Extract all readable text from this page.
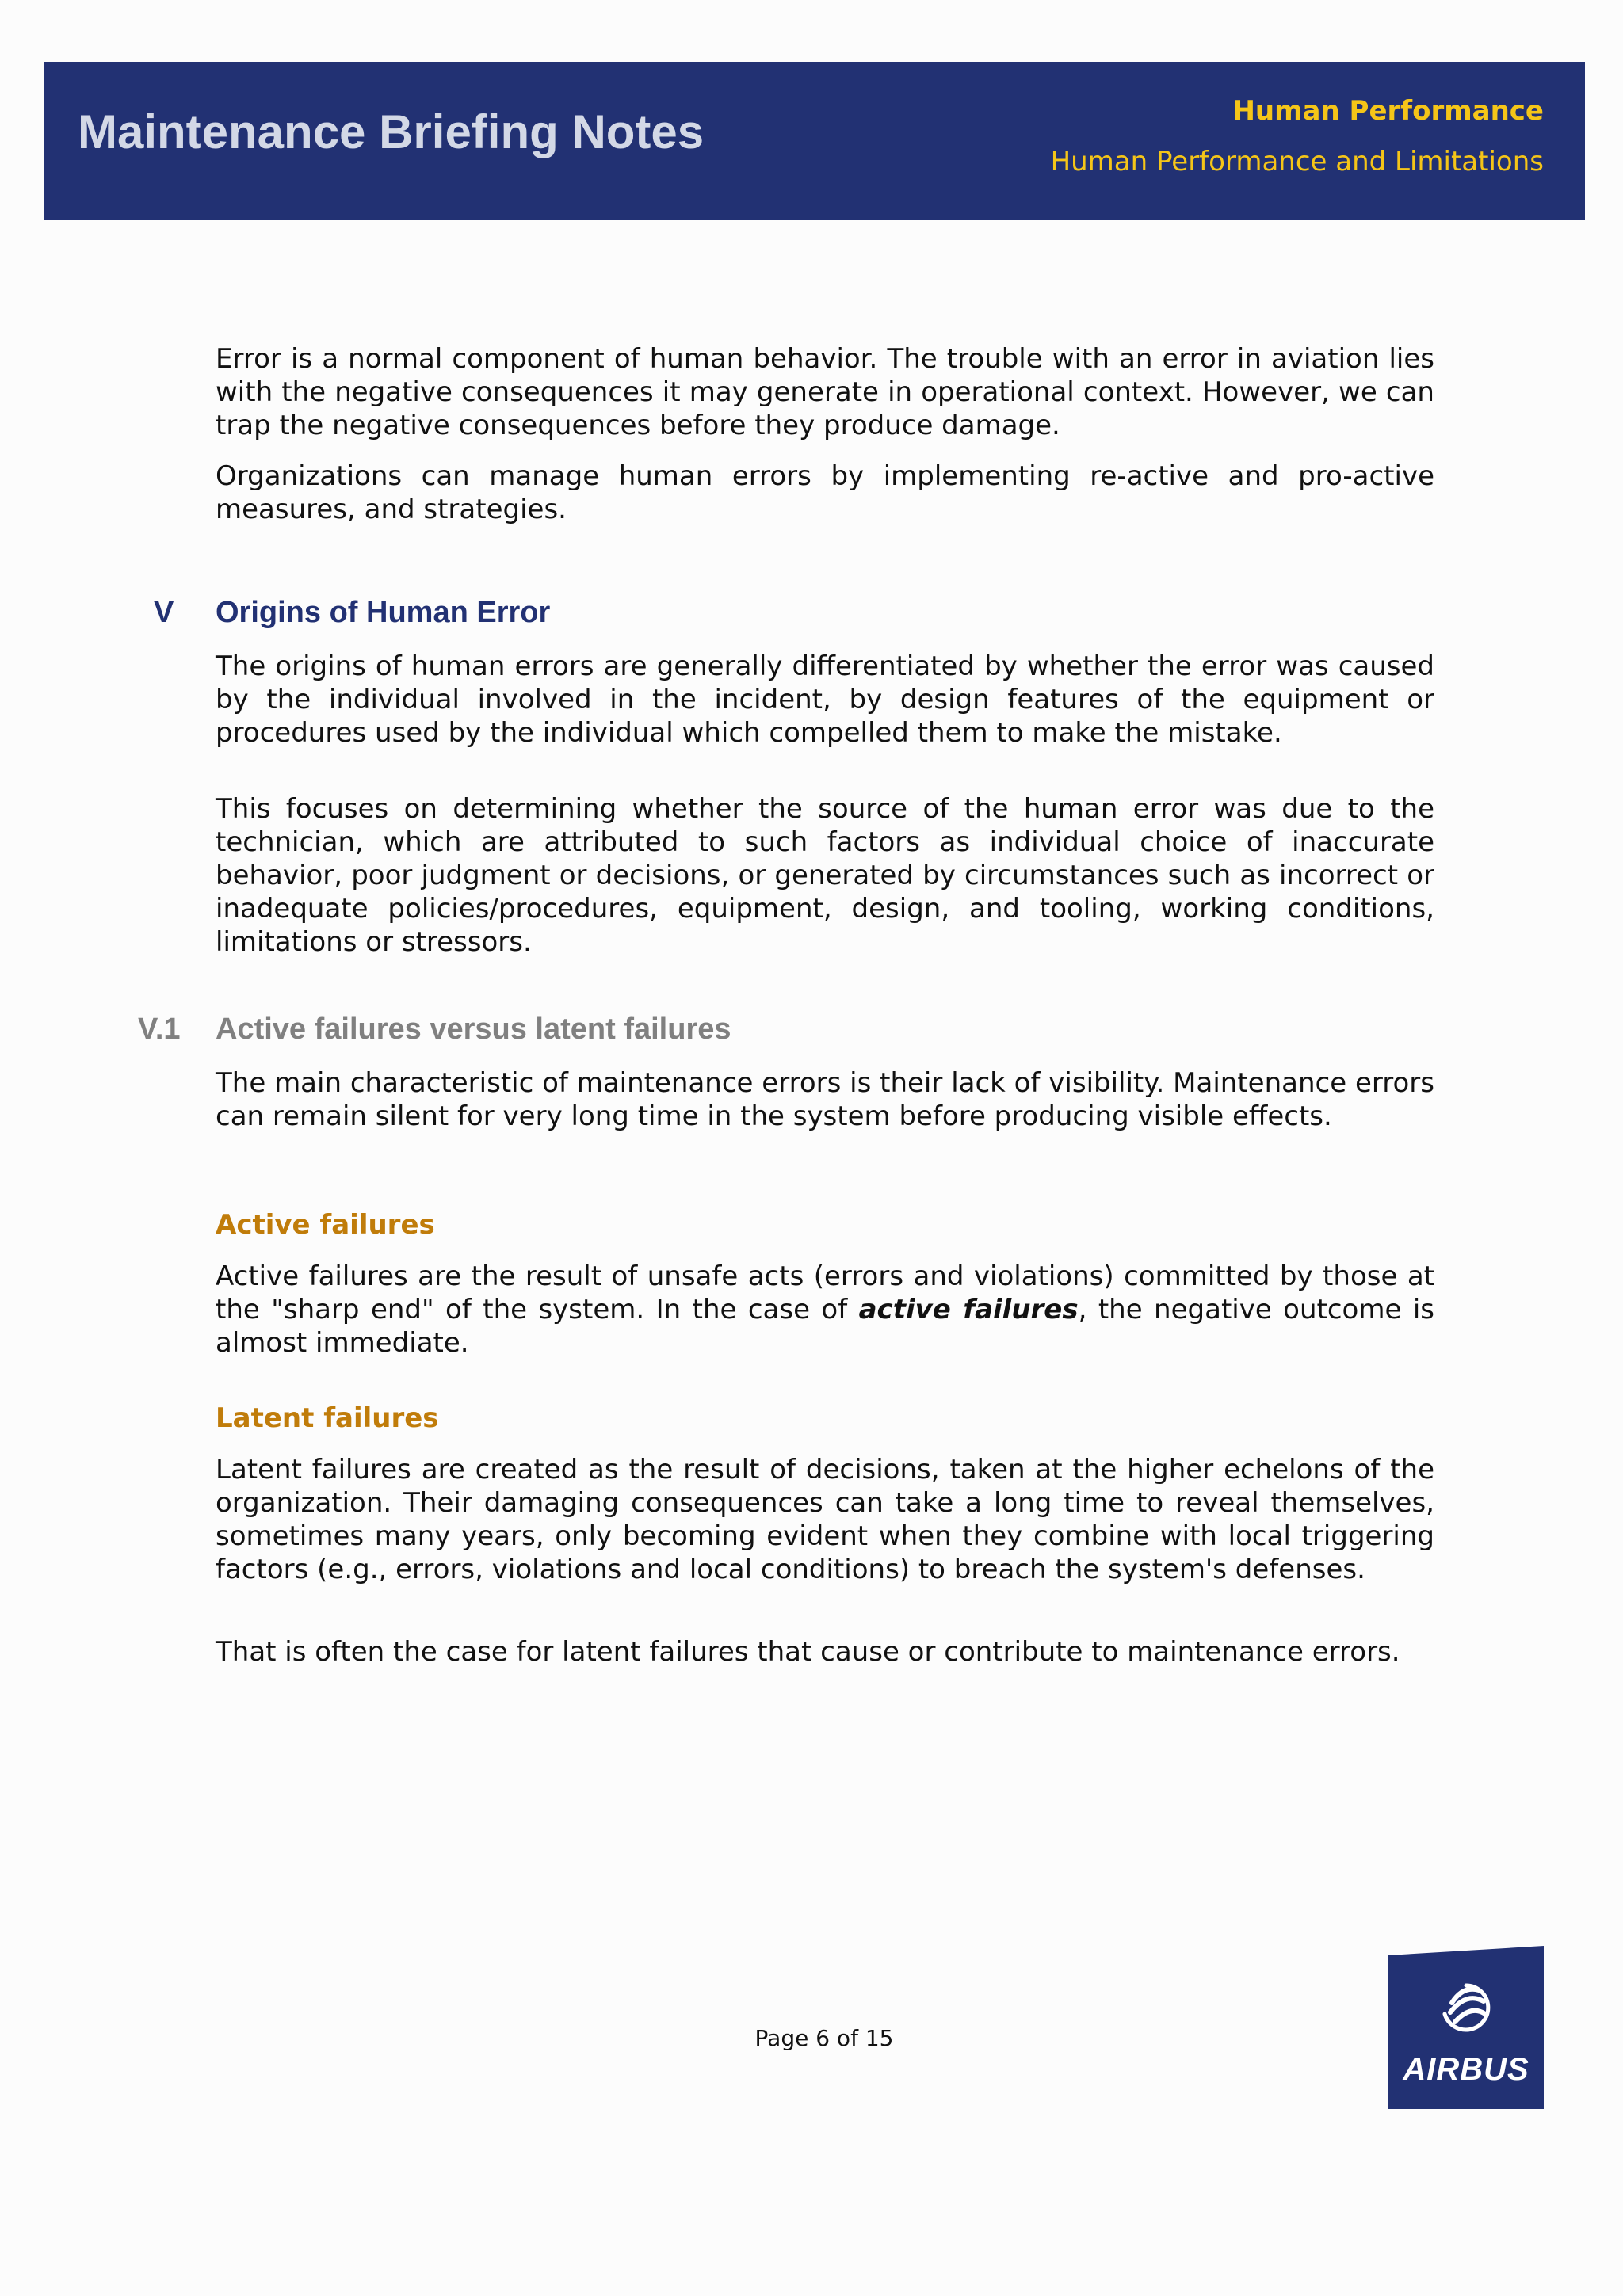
Maintenance Briefing Notes	Human Performance
Human Performance and Limitations

Error is a normal component of human behavior. The trouble with an error in aviation lies with the negative consequences it may generate in operational context. However, we can trap the negative consequences before they produce damage.

Organizations can manage human errors by implementing re-active and pro-active measures, and strategies.

V Origins of Human Error

The origins of human errors are generally differentiated by whether the error was caused by the individual involved in the incident, by design features of the equipment or procedures used by the individual which compelled them to make the mistake.

This focuses on determining whether the source of the human error was due to the technician, which are attributed to such factors as individual choice of inaccurate behavior, poor judgment or decisions, or generated by circumstances such as incorrect or inadequate policies/procedures, equipment, design, and tooling, working conditions, limitations or stressors.

V.1 Active failures versus latent failures

The main characteristic of maintenance errors is their lack of visibility. Maintenance errors can remain silent for very long time in the system before producing visible effects.

Active failures

Active failures are the result of unsafe acts (errors and violations) committed by those at the "sharp end" of the system. In the case of active failures, the negative outcome is almost immediate.

Latent failures

Latent failures are created as the result of decisions, taken at the higher echelons of the organization. Their damaging consequences can take a long time to reveal themselves, sometimes many years, only becoming evident when they combine with local triggering factors (e.g., errors, violations and local conditions) to breach the system's defenses.

That is often the case for latent failures that cause or contribute to maintenance errors.

Page 6 of 15
AIRBUS
